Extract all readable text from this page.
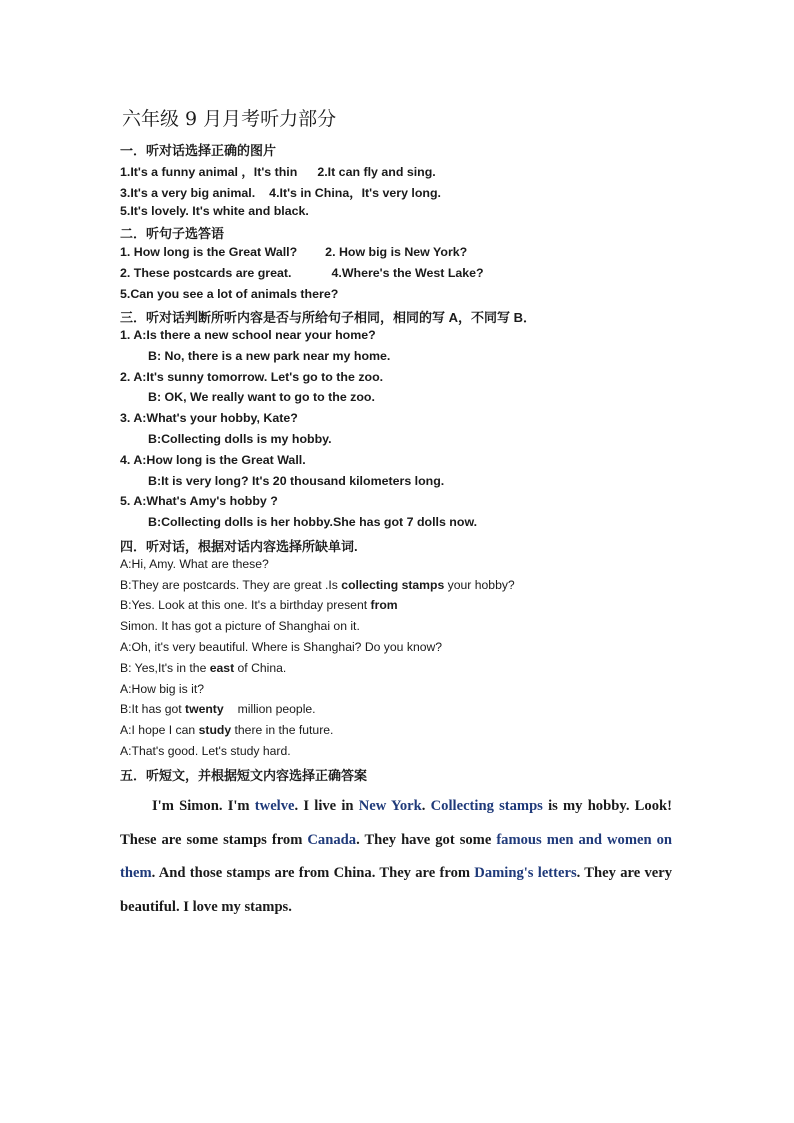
六年级 9 月月考听力部分
一．听对话选择正确的图片
1.It's a funny animal ，It's thin 2.It can fly and sing.
3.It's a very big animal. 4.It's in China，It's very long.
5.It's lovely. It's white and black.
二．听句子选答语
1. How long is the Great Wall? 2. How big is New York?
2. These postcards are great.	4.Where's the West Lake?
5.Can you see a lot of animals there?
三．听对话判断所听内容是否与所给句子相同，相同的写 A，不同写 B．
1. A:Is there a new school near your home?
B: No, there is a new park near my home.
2. A:It's sunny tomorrow. Let's go to the zoo.
B: OK, We really want to go to the zoo.
3. A:What's your hobby, Kate?
B:Collecting dolls is my hobby.
4. A:How long is the Great Wall.
B:It is very long? It's 20 thousand kilometers long.
5. A:What's Amy's hobby ?
B:Collecting dolls is her hobby.She has got 7 dolls now.
四．听对话，根据对话内容选择所缺单词.
A:Hi, Amy. What are these?
B:They are postcards. They are great .Is collecting stamps your hobby?
B:Yes. Look at this one. It's a birthday present from
Simon. It has got a picture of Shanghai on it.
A:Oh, it's very beautiful. Where is Shanghai? Do you know?
B: Yes,It's in the east of China.
A:How big is it?
B:It has got twenty million people.
A:I hope I can study there in the future.
A:That's good. Let's study hard.
五．听短文，并根据短文内容选择正确答案

I'm Simon. I'm twelve. I live in New York. Collecting stamps is my hobby. Look! These are some stamps from Canada. They have got some famous men and women on them. And those stamps are from China. They are from Daming's letters. They are very beautiful. I love my stamps.
